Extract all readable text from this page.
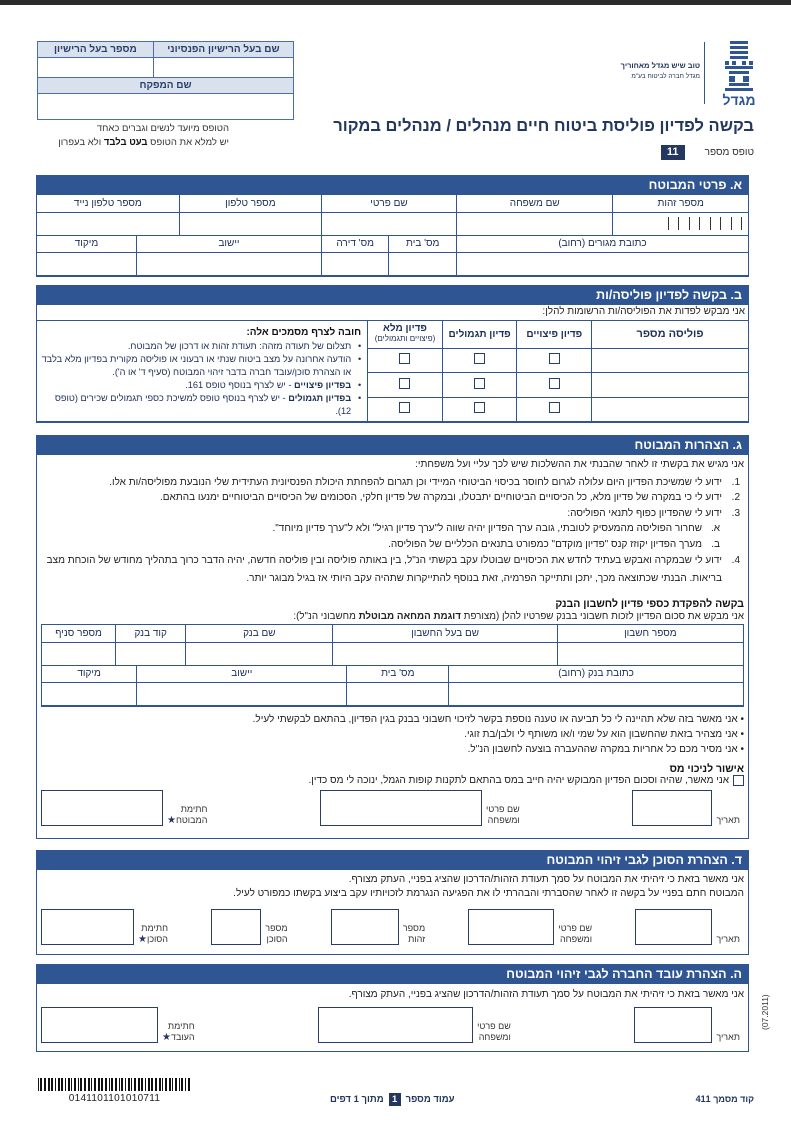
שם בעל הרישיון הפנסיוני
מספר בעל הרישיון
שם המפקח
הטופס מיועד לנשים וגברים כאחד
יש למלא את הטופס בעט בלבד ולא בעפרון
מגדל
טוב שיש מגדל מאחוריך
מגדל חברה לביטוח בע"מ
בקשה לפדיון פוליסת ביטוח חיים מנהלים / מנהלים במקור
טופס מספר
11
א. פרטי המבוטח
מספר זהות	שם משפחה	שם פרטי	מספר טלפון	מספר טלפון נייד

כתובת מגורים (רחוב)	מס' בית	מס' דירה	יישוב	מיקוד

ב. בקשה לפדיון פוליסה/ות
אני מבקש לפדות את הפוליסה/ות הרשומות להלן:
פוליסה מספר	פדיון פיצויים	פדיון תגמולים	
פדיון מלא
(פיצויים ותגמולים)

חובה לצרף מסמכים אלה:
• תצלום של תעודה מזהה: תעודת זהות או דרכון של המבוטח.
• הודעה אחרונה על מצב ביטוח שנתי או רבעוני או פוליסה מקורית בפדיון מלא בלבד או הצהרת סוכן/עובד חברה בדבר זיהוי המבוטח (סעיף ד' או ה').
• בפדיון פיצויים - יש לצרף בנוסף טופס 161.
• בפדיון תגמולים - יש לצרף בנוסף טופס למשיכת כספי תגמולים שכירים (טופס 12).

ג. הצהרות המבוטח
אני מגיש את בקשתי זו לאחר שהבנתי את ההשלכות שיש לכך עליי ועל משפחתי:
1.
ידוע לי שמשיכת הפדיון היום עלולה לגרום לחוסר בכיסוי הביטוחי המיידי וכן תגרום להפחתת היכולת הפנסיונית העתידית שלי הנובעת מפוליסה/ות אלו.
2.
ידוע לי כי במקרה של פדיון מלא, כל הכיסויים הביטוחיים יתבטלו, ובמקרה של פדיון חלקי, הסכומים של הכיסויים הביטוחיים ימנעו בהתאם.
3.
ידוע לי שהפדיון כפוף לתנאי הפוליסה:
א.
שחרור הפוליסה מהמעסיק לטובתי, גובה ערך הפדיון יהיה שווה ל"ערך פדיון רגיל" ולא ל"ערך פדיון מיוחד".
ב.
מערך הפדיון יקוזז קנס "פדיון מוקדם" כמפורט בתנאים הכלליים של הפוליסה.
4.
ידוע לי שבמקרה ואבקש בעתיד לחדש את הכיסויים שבוטלו עקב בקשתי הנ"ל, בין באותה פוליסה ובין פוליסה חדשה, יהיה הדבר כרוך בתהליך מחודש של הוכחת מצב בריאות. הבנתי שכתוצאה מכך, יתכן ותתייקר הפרמיה, זאת בנוסף להתייקרות שתהיה עקב היותי אז בגיל מבוגר יותר.
בקשה להפקדת כספי פדיון לחשבון הבנק
אני מבקש את סכום הפדיון לזכות חשבוני בבנק שפרטיו להלן (מצורפת דוגמת המחאה מבוטלת מחשבוני הנ"ל):
מספר חשבון	שם בעל החשבון	שם בנק	קוד בנק	מספר סניף

כתובת בנק (רחוב)	מס' בית	יישוב	מיקוד

• אני מאשר בזה שלא תהיינה לי כל תביעה או טענה נוספת בקשר לזיכוי חשבוני בבנק בגין הפדיון, בהתאם לבקשתי לעיל.
• אני מצהיר בזאת שהחשבון הוא על שמי ו/או משותף לי ולבן/בת זוגי.
• אני מסיר מכם כל אחריות במקרה שההעברה בוצעה לחשבון הנ"ל.
אישור לניכוי מס
אני מאשר, שהיה וסכום הפדיון המבוקש יהיה חייב במס בהתאם לתקנות קופות הגמל, ינוכה לי מס כדין.
תאריך
שם פרטי
ומשפחה
חתימת
המבוטח★
ד. הצהרת הסוכן לגבי זיהוי המבוטח
אני מאשר בזאת כי זיהיתי את המבוטח על סמך תעודת הזהות/הדרכון שהציג בפניי, העתק מצורף.
המבוטח חתם בפניי על בקשה זו לאחר שהסברתי והבהרתי לו את הפגיעה הנגרמת לזכויותיו עקב ביצוע בקשתו כמפורט לעיל.
תאריך
שם פרטי
ומשפחה
מספר
זהות
מספר
הסוכן
חתימת
הסוכן★
ה. הצהרת עובד החברה לגבי זיהוי המבוטח
אני מאשר בזאת כי זיהיתי את המבוטח על סמך תעודת הזהות/הדרכון שהציג בפניי, העתק מצורף.
תאריך
שם פרטי
ומשפחה
חתימת
העובד★
(07.2011)
0141101101010711	עמוד מספר
1
מתוך 1 דפים	קוד מסמך 411
